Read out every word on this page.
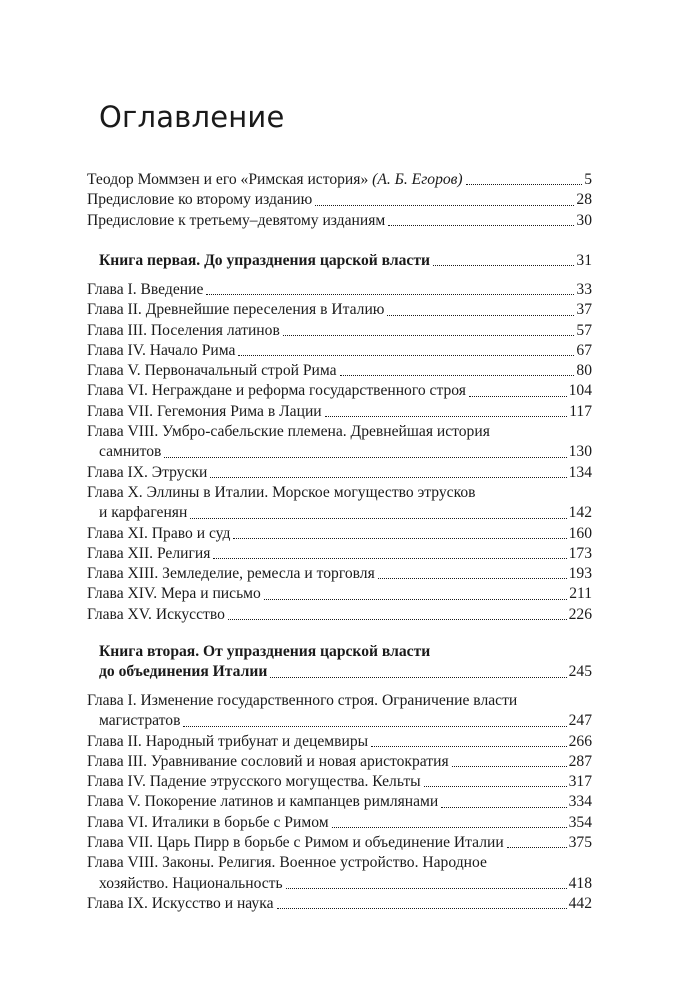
Оглавление
Теодор Моммзен и его «Римская история» (А. Б. Егоров)	5
Предисловие ко второму изданию	28
Предисловие к третьему–девятому изданиям	30
Книга первая. До упразднения царской власти	31
Глава I. Введение	33
Глава II. Древнейшие переселения в Италию	37
Глава III. Поселения латинов	57
Глава IV. Начало Рима	67
Глава V. Первоначальный строй Рима	80
Глава VI. Неграждане и реформа государственного строя	104
Глава VII. Гегемония Рима в Лации	117
Глава VIII. Умбро-сабельские племена. Древнейшая история
самнитов	130
Глава IX. Этруски	134
Глава X. Эллины в Италии. Морское могущество этрусков
и карфагенян	142
Глава XI. Право и суд	160
Глава XII. Религия	173
Глава XIII. Земледелие, ремесла и торговля	193
Глава XIV. Мера и письмо	211
Глава XV. Искусство	226
Книга вторая. От упразднения царской власти
до объединения Италии	245
Глава I. Изменение государственного строя. Ограничение власти
магистратов	247
Глава II. Народный трибунат и децемвиры	266
Глава III. Уравнивание сословий и новая аристократия	287
Глава IV. Падение этрусского могущества. Кельты	317
Глава V. Покорение латинов и кампанцев римлянами	334
Глава VI. Италики в борьбе с Римом	354
Глава VII. Царь Пирр в борьбе с Римом и объединение Италии	375
Глава VIII. Законы. Религия. Военное устройство. Народное
хозяйство. Национальность	418
Глава IX. Искусство и наука	442
